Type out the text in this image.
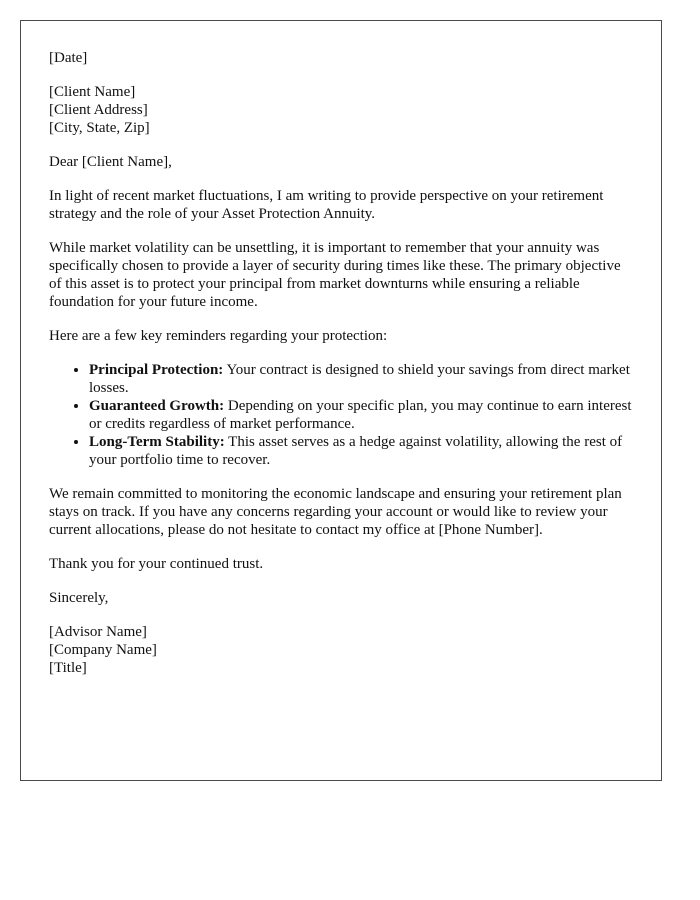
[Date]

[Client Name]
[Client Address]
[City, State, Zip]

Dear [Client Name],

In light of recent market fluctuations, I am writing to provide perspective on your retirement strategy and the role of your Asset Protection Annuity.

While market volatility can be unsettling, it is important to remember that your annuity was specifically chosen to provide a layer of security during times like these. The primary objective of this asset is to protect your principal from market downturns while ensuring a reliable foundation for your future income.

Here are a few key reminders regarding your protection:

• Principal Protection: Your contract is designed to shield your savings from direct market losses.
• Guaranteed Growth: Depending on your specific plan, you may continue to earn interest or credits regardless of market performance.
• Long-Term Stability: This asset serves as a hedge against volatility, allowing the rest of your portfolio time to recover.

We remain committed to monitoring the economic landscape and ensuring your retirement plan stays on track. If you have any concerns regarding your account or would like to review your current allocations, please do not hesitate to contact my office at [Phone Number].

Thank you for your continued trust.

Sincerely,

[Advisor Name]
[Company Name]
[Title]
